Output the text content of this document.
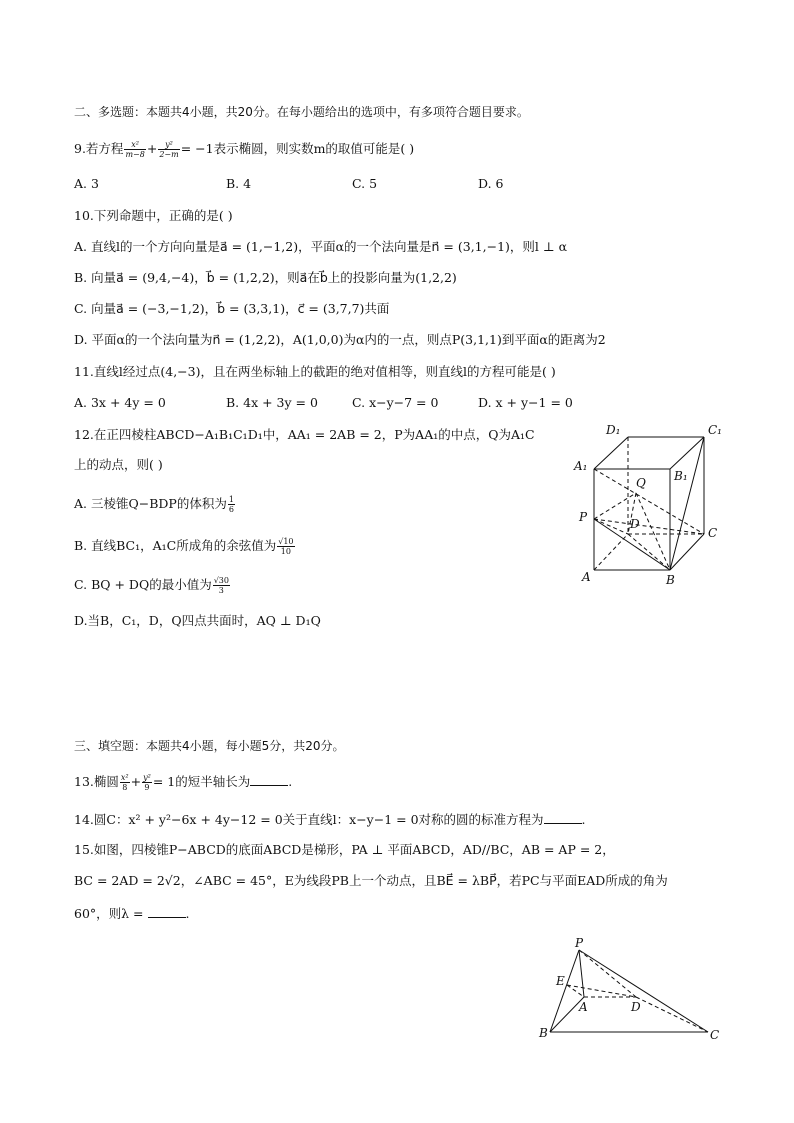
二、多选题：本题共4小题，共20分。在每小题给出的选项中，有多项符合题目要求。
9.若方程 $\frac{\text{x²}}{m-8} + \frac{\text{y²}}{2-m} = -1$表示椭圆，则实数m的取值可能是( )
A. 3	B. 4	C. 5	D. 6
10.下列命题中，正确的是( )
A. 直线l的一个方向向量是a⃗ = (1,−1,2)，平面α的一个法向量是n⃗ = (3,1,−1)，则l ⊥ α
B. 向量a⃗ = (9,4,−4)，b⃗ = (1,2,2)，则a⃗在b⃗上的投影向量为(1,2,2)
C. 向量a⃗ = (−3,−1,2)，b⃗ = (3,3,1)，c⃗ = (3,7,7)共面
D. 平面α的一个法向量为n⃗ = (1,2,2)，A(1,0,0)为α内的一点，则点P(3,1,1)到平面α的距离为2
11.直线l经过点(4,−3)，且在两坐标轴上的截距的绝对值相等，则直线l的方程可能是( )
A. 3x + 4y = 0	B. 4x + 3y = 0	C. x−y−7 = 0	D. x + y−1 = 0
12.在正四棱柱ABCD−A₁B₁C₁D₁中，AA₁ = 2AB = 2，P为AA₁的中点，Q为A₁C
上的动点，则( )
A. 三棱锥Q−BDP的体积为 $\frac{1}{6}$
B. 直线BC₁，A₁C所成角的余弦值为 $\frac{√10}{10}$
C. BQ + DQ的最小值为 $\frac{√30}{3}$
D.当B，C₁，D，Q四点共面时，AQ ⊥ D₁Q
D₁	C₁
A₁
B₁
Q
P	D
C
A	B
三、填空题：本题共4小题，每小题5分，共20分。
13.椭圆 $\frac{\text{x²}}{8} + \frac{\text{y²}}{9} = 1$的短半轴长为	.
14.圆C：x² + y²−6x + 4y−12 = 0关于直线l：x−y−1 = 0对称的圆的标准方程为	.
15.如图，四棱锥P−ABCD的底面ABCD是梯形，PA ⊥ 平面ABCD，AD//BC，AB = AP = 2，
BC = 2AD = 2√2，∠ABC = 45°，E为线段PB上一个动点，且BE⃗ = λBP⃗，若PC与平面EAD所成的角为
60°，则λ =	.
P
E
A	D
B	C
